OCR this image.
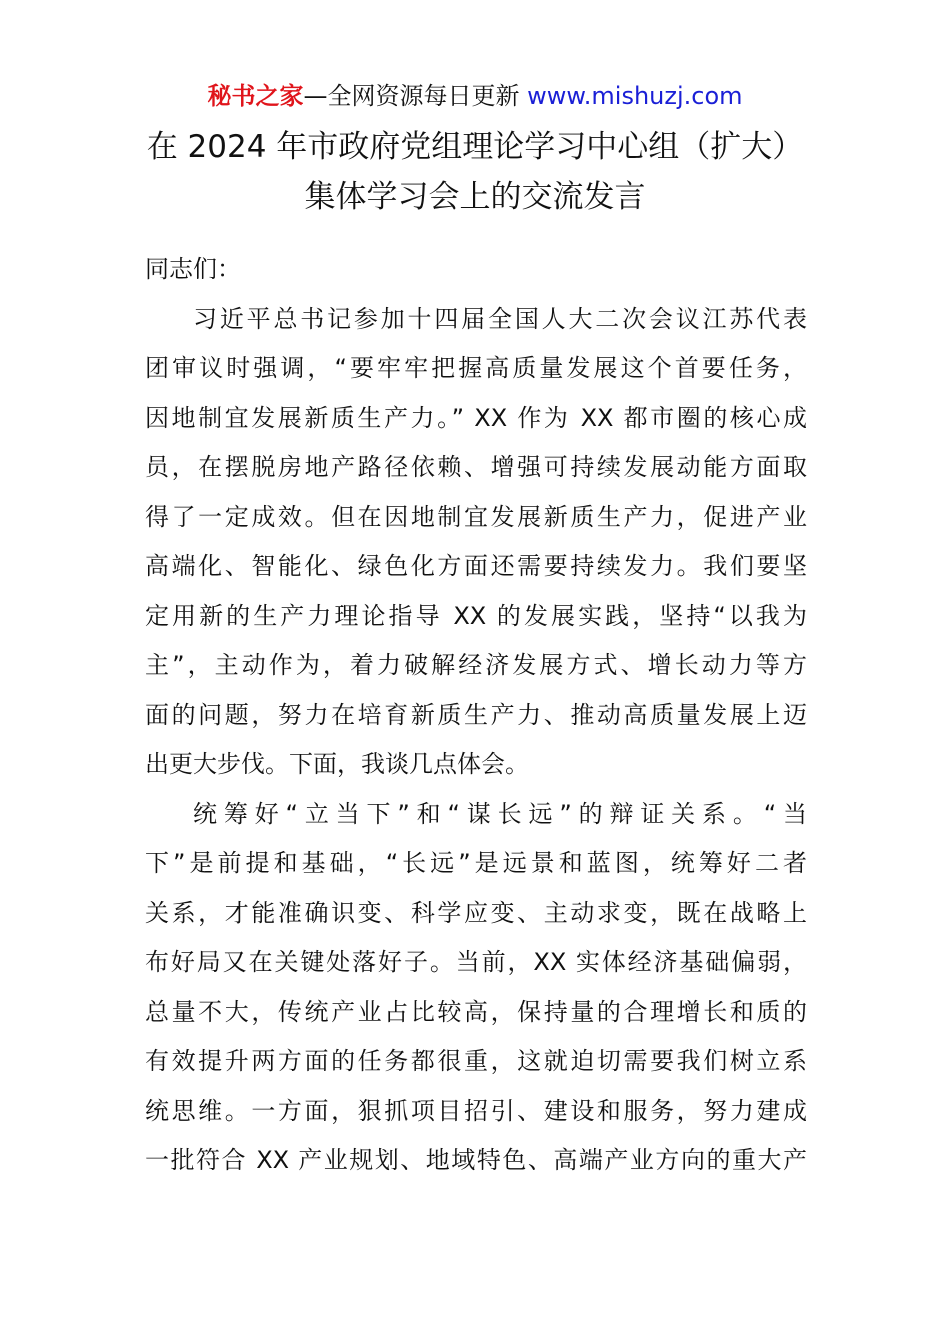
秘书之家—全网资源每日更新 www.mishuzj.com
在 2024 年市政府党组理论学习中心组（扩大）
集体学习会上的交流发言
同志们：
习近平总书记参加十四届全国人大二次会议江苏代表
团审议时强调，“要牢牢把握高质量发展这个首要任务，
因地制宜发展新质生产力。” XX 作为 XX 都市圈的核心成
员，在摆脱房地产路径依赖、增强可持续发展动能方面取
得了一定成效。但在因地制宜发展新质生产力，促进产业
高端化、智能化、绿色化方面还需要持续发力。我们要坚
定用新的生产力理论指导 XX 的发展实践，坚持“以我为
主”，主动作为，着力破解经济发展方式、增长动力等方
面的问题，努力在培育新质生产力、推动高质量发展上迈
出更大步伐。下面，我谈几点体会。
统筹好“立当下”和“谋长远”的辩证关系。“当
下”是前提和基础，“长远”是远景和蓝图，统筹好二者
关系，才能准确识变、科学应变、主动求变，既在战略上
布好局又在关键处落好子。当前，XX 实体经济基础偏弱，
总量不大，传统产业占比较高，保持量的合理增长和质的
有效提升两方面的任务都很重，这就迫切需要我们树立系
统思维。一方面，狠抓项目招引、建设和服务，努力建成
一批符合 XX 产业规划、地域特色、高端产业方向的重大产
